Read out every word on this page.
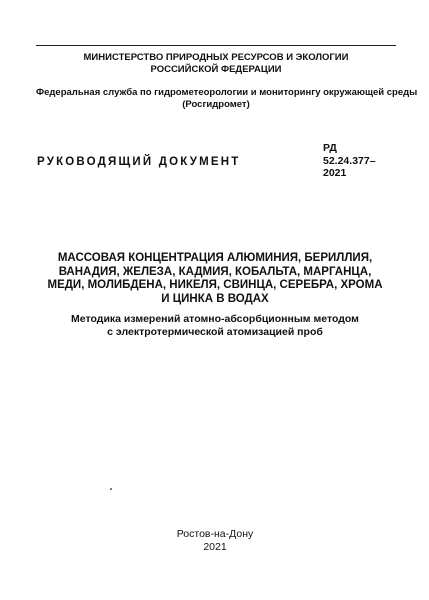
МИНИСТЕРСТВО ПРИРОДНЫХ РЕСУРСОВ И ЭКОЛОГИИ
РОССИЙСКОЙ ФЕДЕРАЦИИ
Федеральная служба по гидрометеорологии и мониторингу окружающей среды
(Росгидромет)
РУКОВОДЯЩИЙ ДОКУМЕНТ
РД
52.24.377–
2021
МАССОВАЯ КОНЦЕНТРАЦИЯ АЛЮМИНИЯ, БЕРИЛЛИЯ,
ВАНАДИЯ, ЖЕЛЕЗА, КАДМИЯ, КОБАЛЬТА, МАРГАНЦА,
МЕДИ, МОЛИБДЕНА, НИКЕЛЯ, СВИНЦА, СЕРЕБРА, ХРОМА
И ЦИНКА В ВОДАХ
Методика измерений атомно-абсорбционным методом
с электротермической атомизацией проб
Ростов-на-Дону
2021
